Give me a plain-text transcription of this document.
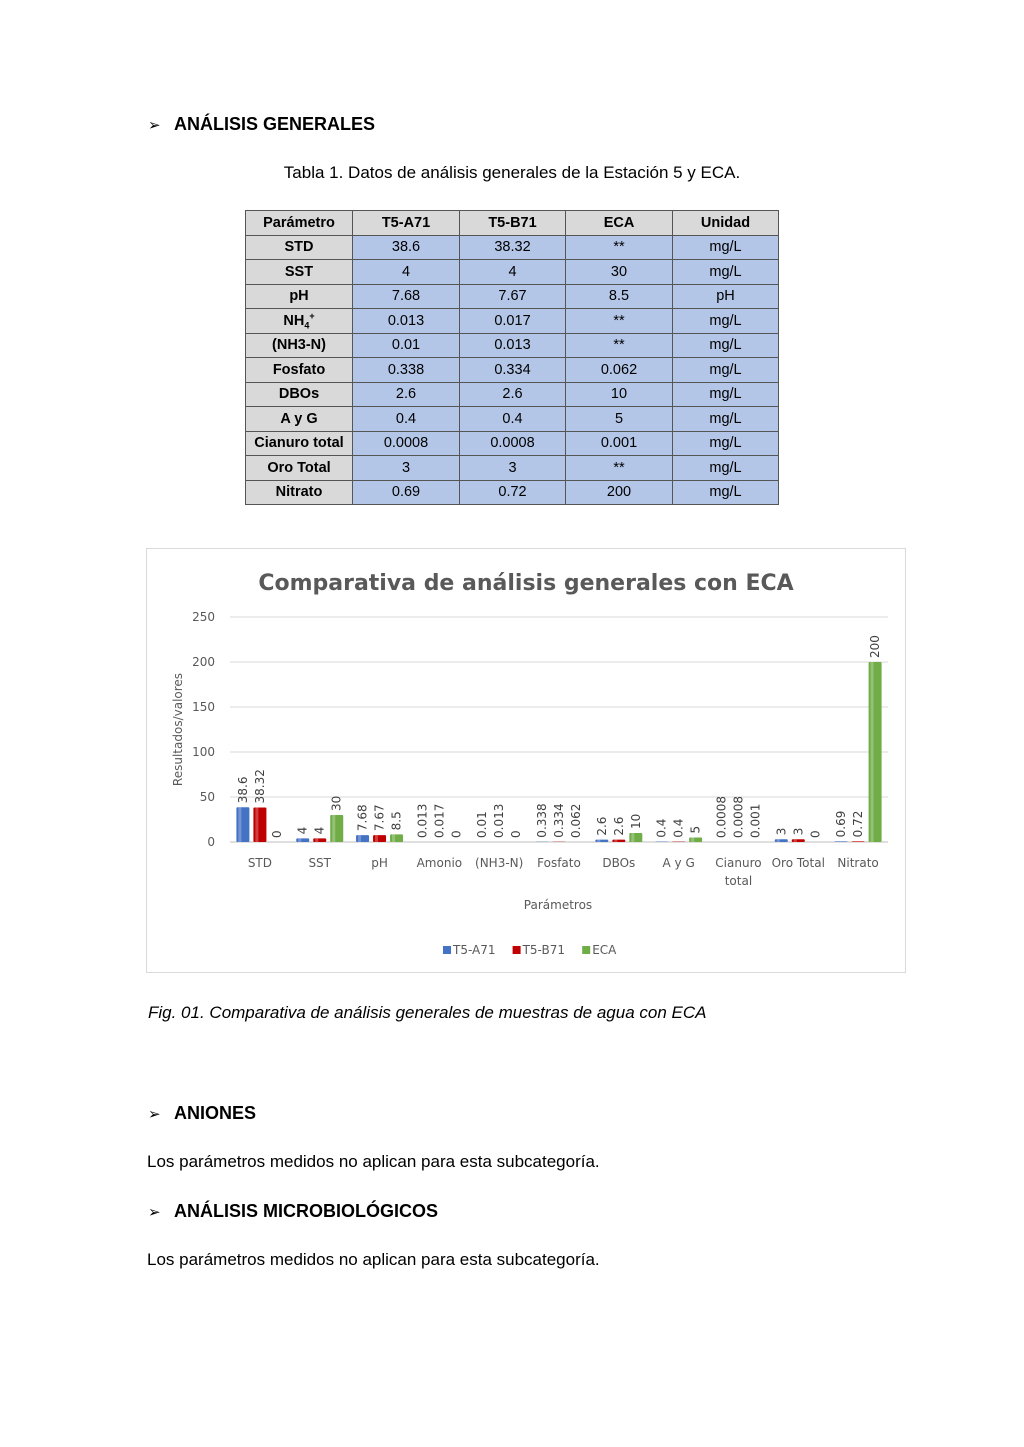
➢ ANÁLISIS GENERALES
Tabla 1. Datos de análisis generales de la Estación 5 y ECA.
Parámetro	T5-A71	T5-B71	ECA	Unidad
STD	38.6	38.32	**	mg/L
SST	4	4	30	mg/L
pH	7.68	7.67	8.5	pH
$NH_4^+$	0.013	0.017	**	mg/L
(NH3-N)	0.01	0.013	**	mg/L
Fosfato	0.338	0.334	0.062	mg/L
DBOs	2.6	2.6	10	mg/L
A y G	0.4	0.4	5	mg/L
Cianuro total	0.0008	0.0008	0.001	mg/L
Oro Total	3	3	**	mg/L
Nitrato	0.69	0.72	200	mg/L
Comparativa de análisis generales con ECA
0
50
100
150
200
250
Resultados/valores
38.6
4	7.68	0.013	0.01	0.338	2.6	0.4	0.0008	3	0.69
38.32
4	7.67	0.017	0.013	0.334	2.6	0.4	0.0008	3	0.72
0
30
8.5
0	0	0.062	10
5	0.001	0
200
STD	SST	pH Amonio (NH3-N) Fosfato DBOs A y G Cianuro
total
Oro Total Nitrato
Parámetros
T5-A71 T5-B71 ECA
Fig. 01. Comparativa de análisis generales de muestras de agua con ECA
➢ ANIONES
Los parámetros medidos no aplican para esta subcategoría.
➢ ANÁLISIS MICROBIOLÓGICOS
Los parámetros medidos no aplican para esta subcategoría.
